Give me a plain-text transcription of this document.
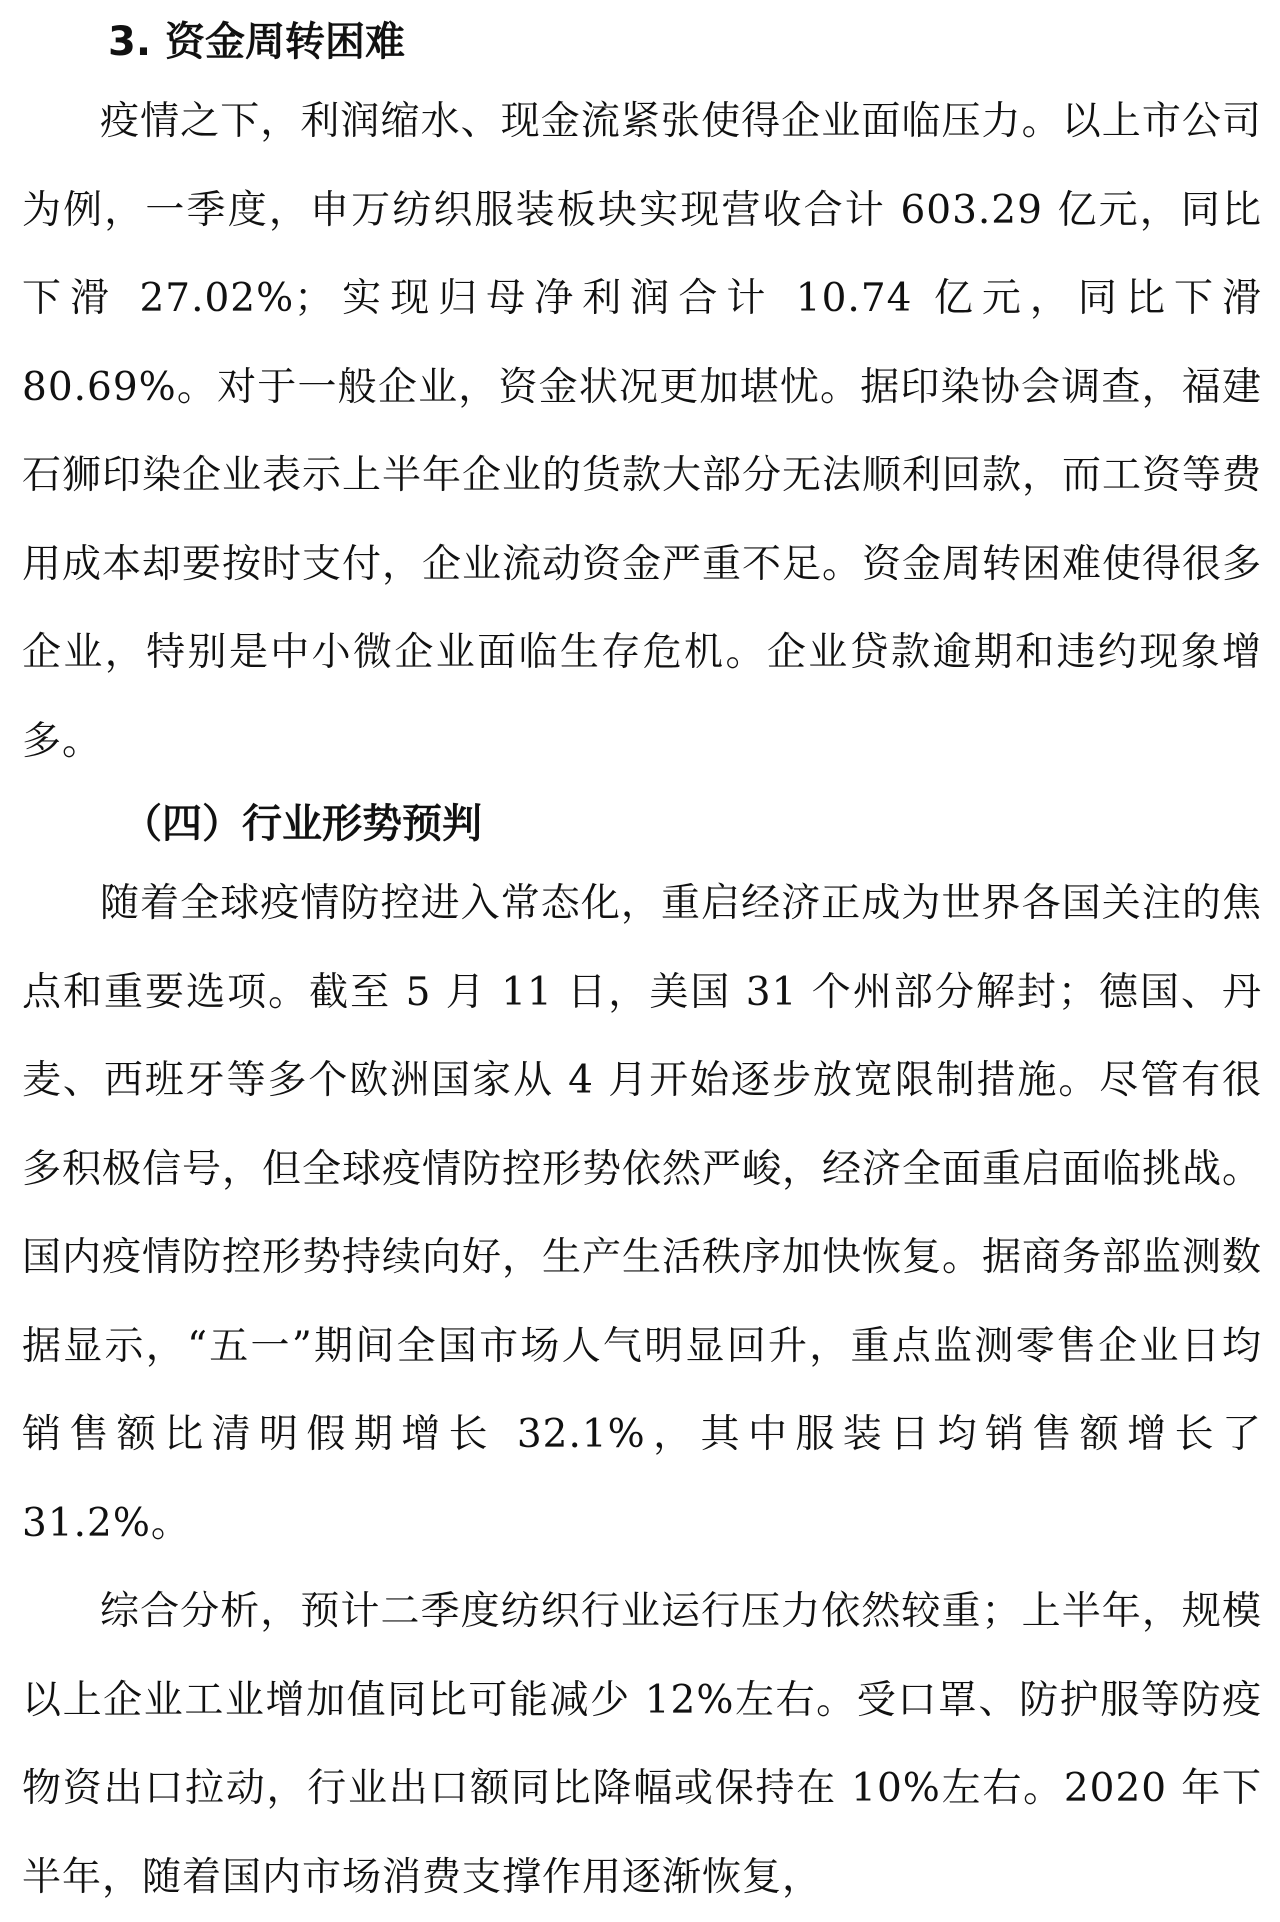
3. 资金周转困难

疫情之下，利润缩水、现金流紧张使得企业面临压力。以上市公司为例，一季度，申万纺织服装板块实现营收合计 603.29 亿元，同比下滑 27.02%；实现归母净利润合计 10.74 亿元，同比下滑 80.69%。对于一般企业，资金状况更加堪忧。据印染协会调查，福建石狮印染企业表示上半年企业的货款大部分无法顺利回款，而工资等费用成本却要按时支付，企业流动资金严重不足。资金周转困难使得很多企业，特别是中小微企业面临生存危机。企业贷款逾期和违约现象增多。

（四）行业形势预判

随着全球疫情防控进入常态化，重启经济正成为世界各国关注的焦点和重要选项。截至 5 月 11 日，美国 31 个州部分解封；德国、丹麦、西班牙等多个欧洲国家从 4 月开始逐步放宽限制措施。尽管有很多积极信号，但全球疫情防控形势依然严峻，经济全面重启面临挑战。国内疫情防控形势持续向好，生产生活秩序加快恢复。据商务部监测数据显示，“五一”期间全国市场人气明显回升，重点监测零售企业日均销售额比清明假期增长 32.1%，其中服装日均销售额增长了 31.2%。

综合分析，预计二季度纺织行业运行压力依然较重；上半年，规模以上企业工业增加值同比可能减少 12%左右。受口罩、防护服等防疫物资出口拉动，行业出口额同比降幅或保持在 10%左右。2020 年下半年，随着国内市场消费支撑作用逐渐恢复，
